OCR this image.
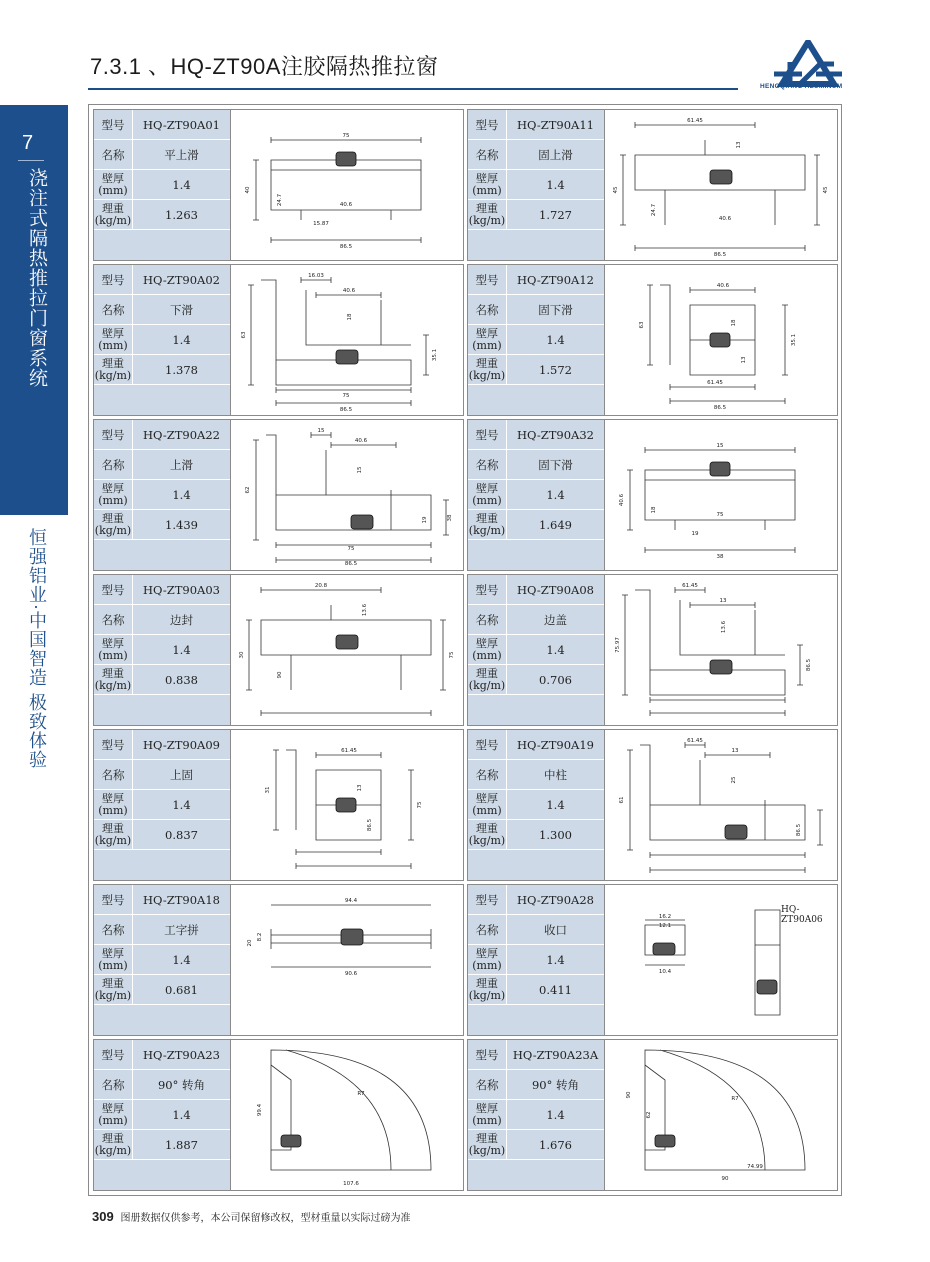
7.3.1 、HQ-ZT90A注胶隔热推拉窗
HENGQIANG ALUMINUM
7
浇注式隔热推拉门窗系统
恒强铝业·中国智造 极致体验
型号	HQ-ZT90A01
名称	平上滑
壁厚
(mm)	1.4
理重
(kg/m)	1.263
75
40
24.7	40.6
15.87
86.5
型号	HQ-ZT90A11
名称	固上滑
壁厚
(mm)	1.4
理重
(kg/m)	1.727
61.45
13
45	45
24.7
40.6
86.5
型号	HQ-ZT90A02
名称	下滑
壁厚
(mm)	1.4
理重
(kg/m)	1.378
16.03
40.6
18
63
35.1
75
86.5
型号	HQ-ZT90A12
名称	固下滑
壁厚
(mm)	1.4
理重
(kg/m)	1.572
40.6
18
63
35.1
13
61.45
86.5
型号	HQ-ZT90A22
名称	上滑
壁厚
(mm)	1.4
理重
(kg/m)	1.439
15
40.6
15
62
19	38
75
86.5
型号	HQ-ZT90A32
名称	固下滑
壁厚
(mm)	1.4
理重
(kg/m)	1.649
15
40.6
18
75
19
38
型号	HQ-ZT90A03
名称	边封
壁厚
(mm)	1.4
理重
(kg/m)	0.838
20.8
13.6
30	75
90
型号	HQ-ZT90A08
名称	边盖
壁厚
(mm)	1.4
理重
(kg/m)	0.706
61.45
13
13.6
75.97
86.5
型号	HQ-ZT90A09
名称	上固
壁厚
(mm)	1.4
理重
(kg/m)	0.837
61.45
13
31
75
86.5
型号	HQ-ZT90A19
名称	中柱
壁厚
(mm)	1.4
理重
(kg/m)	1.300
61.45
13
25
61
86.5
型号	HQ-ZT90A18
名称	工字拼
壁厚
(mm)	1.4
理重
(kg/m)	0.681
94.4
20
8.2
90.6
型号	HQ-ZT90A28
名称	收口
壁厚
(mm)	1.4
理重
(kg/m)	0.411
16.2
12.1
10.4
HQ-ZT90A06
型号	HQ-ZT90A23
名称	90° 转角
壁厚
(mm)	1.4
理重
(kg/m)	1.887
99.4
R7
107.6
型号	HQ-ZT90A23A
名称	90° 转角
壁厚
(mm)	1.4
理重
(kg/m)	1.676
90
62
R7
74.99
90
309 图册数据仅供参考，本公司保留修改权，型材重量以实际过磅为准
